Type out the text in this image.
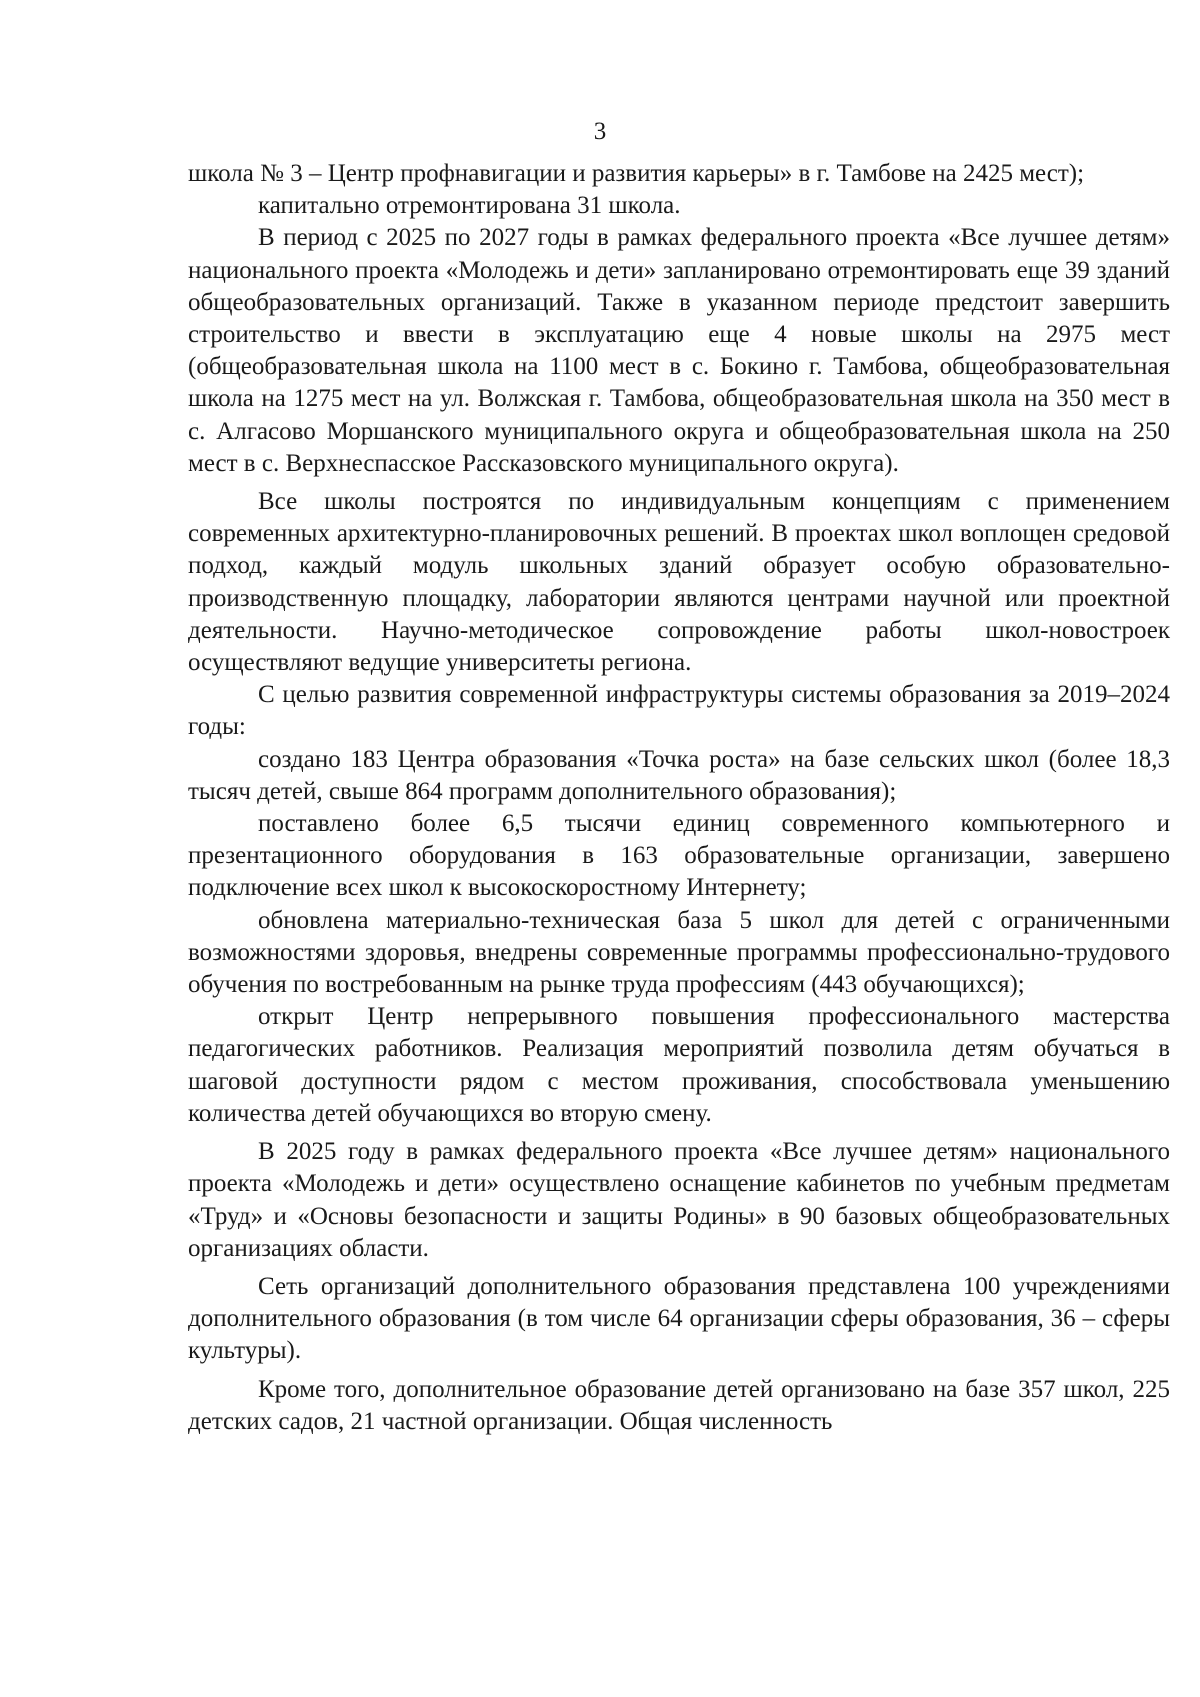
3

школа № 3 – Центр профнавигации и развития карьеры» в г. Тамбове на 2425 мест);

капитально отремонтирована 31 школа.

В период с 2025 по 2027 годы в рамках федерального проекта «Все лучшее детям» национального проекта «Молодежь и дети» запланировано отремонтировать еще 39 зданий общеобразовательных организаций. Также в указанном периоде предстоит завершить строительство и ввести в эксплуатацию еще 4 новые школы на 2975 мест (общеобразовательная школа на 1100 мест в с. Бокино г. Тамбова, общеобразовательная школа на 1275 мест на ул. Волжская г. Тамбова, общеобразовательная школа на 350 мест в с. Алгасово Моршанского муниципального округа и общеобразовательная школа на 250 мест в с. Верхнеспасское Рассказовского муниципального округа).

Все школы построятся по индивидуальным концепциям с применением современных архитектурно-планировочных решений. В проектах школ воплощен средовой подход, каждый модуль школьных зданий образует особую образовательно-производственную площадку, лаборатории являются центрами научной или проектной деятельности. Научно-методическое сопровождение работы школ-новостроек осуществляют ведущие университеты региона.

С целью развития современной инфраструктуры системы образования за 2019–2024 годы:

создано 183 Центра образования «Точка роста» на базе сельских школ (более 18,3 тысяч детей, свыше 864 программ дополнительного образования);

поставлено более 6,5 тысячи единиц современного компьютерного и презентационного оборудования в 163 образовательные организации, завершено подключение всех школ к высокоскоростному Интернету;

обновлена материально-техническая база 5 школ для детей с ограниченными возможностями здоровья, внедрены современные программы профессионально-трудового обучения по востребованным на рынке труда профессиям (443 обучающихся);

открыт Центр непрерывного повышения профессионального мастерства педагогических работников. Реализация мероприятий позволила детям обучаться в шаговой доступности рядом с местом проживания, способствовала уменьшению количества детей обучающихся во вторую смену.

В 2025 году в рамках федерального проекта «Все лучшее детям» национального проекта «Молодежь и дети» осуществлено оснащение кабинетов по учебным предметам «Труд» и «Основы безопасности и защиты Родины» в 90 базовых общеобразовательных организациях области.

Сеть организаций дополнительного образования представлена 100 учреждениями дополнительного образования (в том числе 64 организации сферы образования, 36 – сферы культуры).

Кроме того, дополнительное образование детей организовано на базе 357 школ, 225 детских садов, 21 частной организации. Общая численность
